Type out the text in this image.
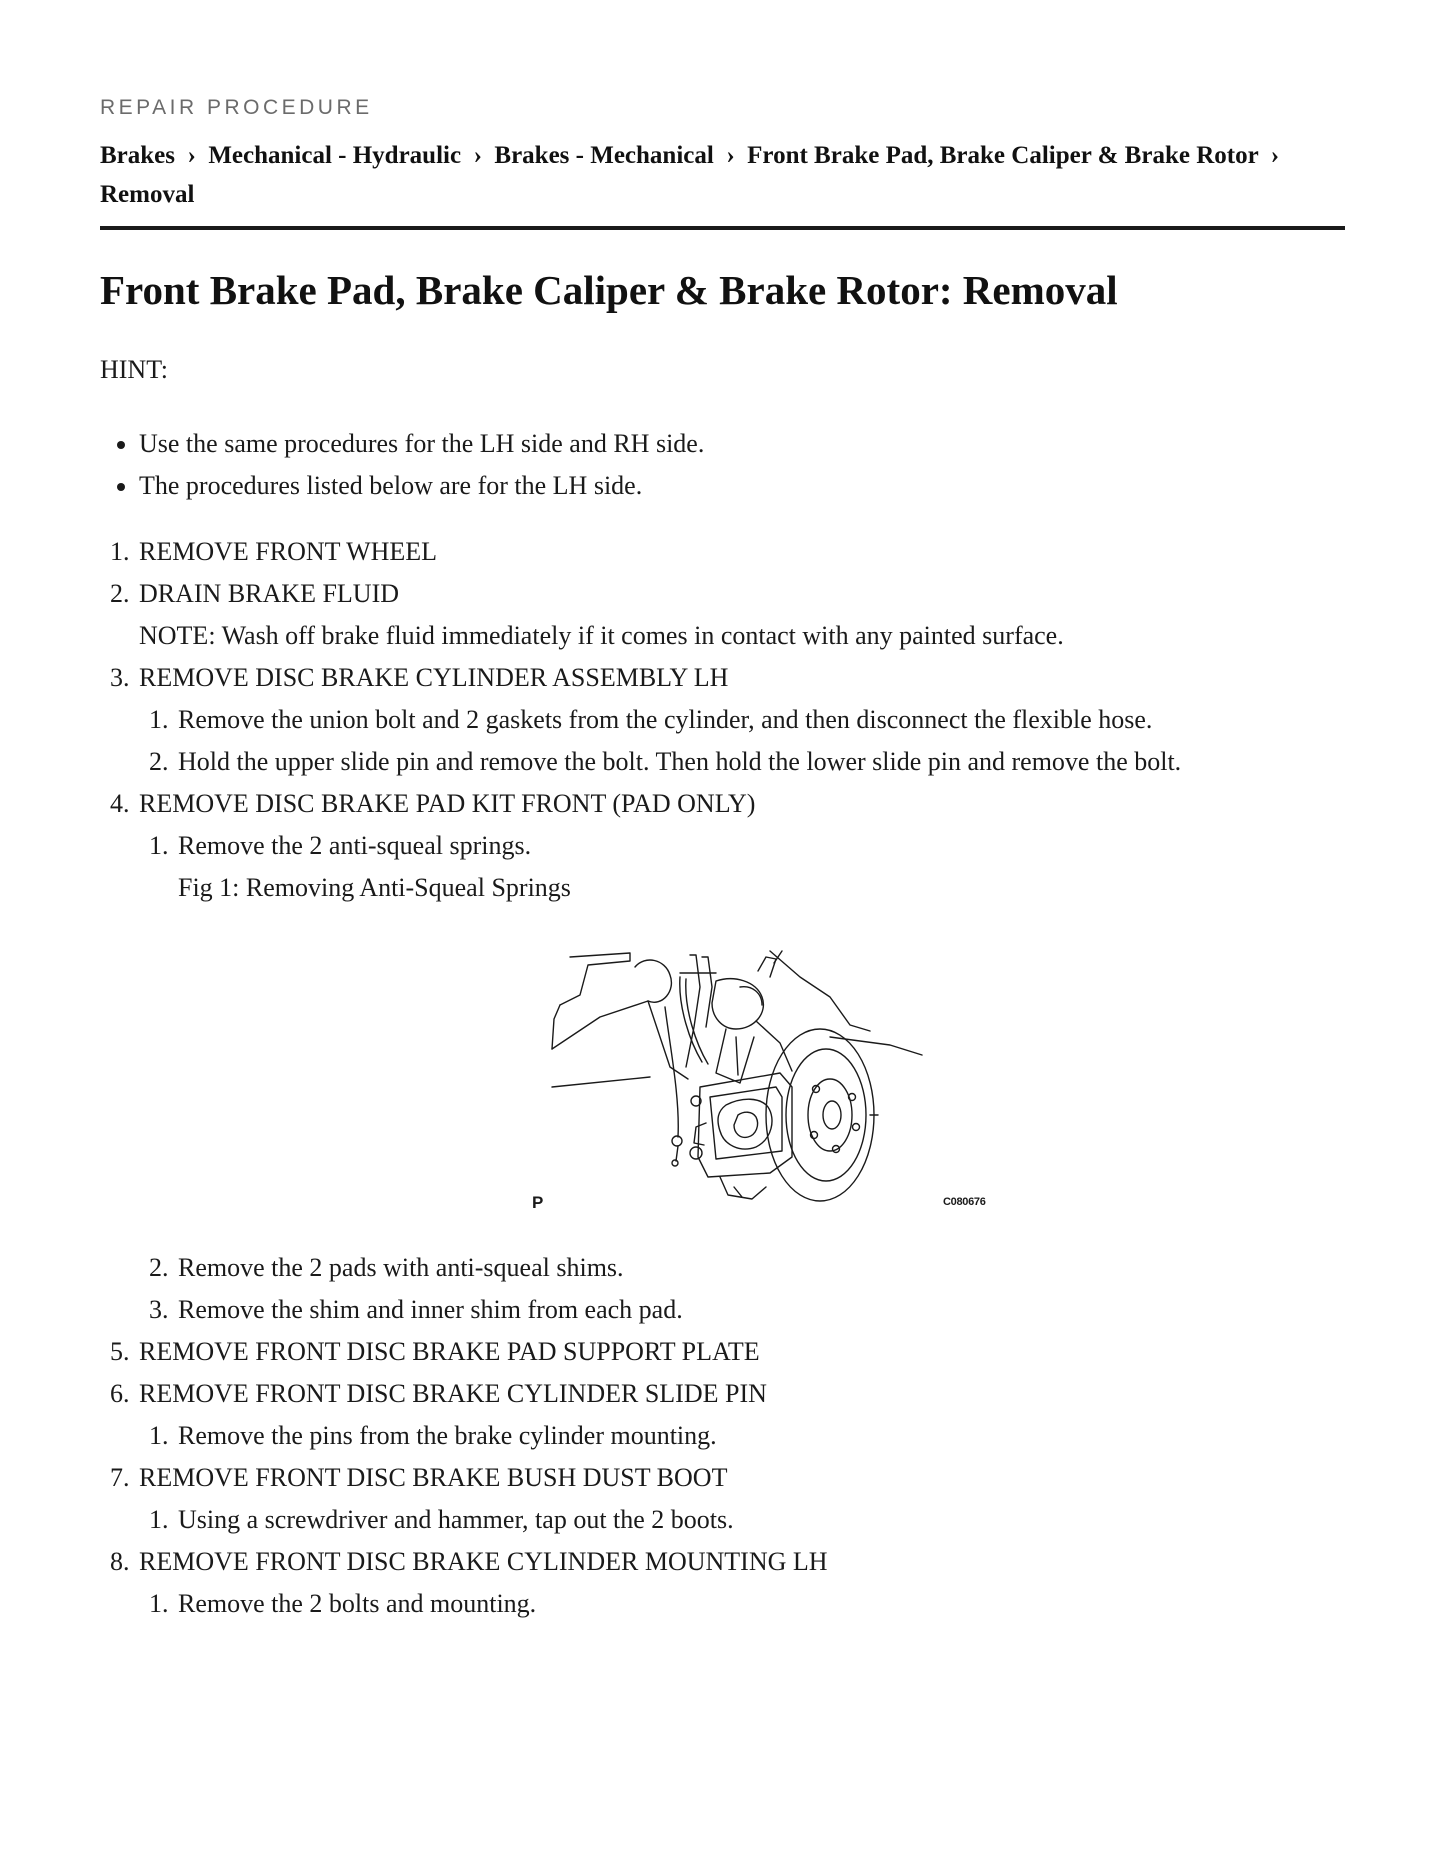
REPAIR PROCEDURE
Brakes  ›  Mechanical - Hydraulic  ›  Brakes - Mechanical  ›  Front Brake Pad, Brake Caliper & Brake Rotor  ›
Removal
Front Brake Pad, Brake Caliper & Brake Rotor: Removal
HINT:
• Use the same procedures for the LH side and RH side.
• The procedures listed below are for the LH side.
1. REMOVE FRONT WHEEL
2. DRAIN BRAKE FLUID
NOTE: Wash off brake fluid immediately if it comes in contact with any painted surface.
3. REMOVE DISC BRAKE CYLINDER ASSEMBLY LH
1. Remove the union bolt and 2 gaskets from the cylinder, and then disconnect the flexible hose.
2. Hold the upper slide pin and remove the bolt. Then hold the lower slide pin and remove the bolt.
4. REMOVE DISC BRAKE PAD KIT FRONT (PAD ONLY)
1. Remove the 2 anti-squeal springs.
Fig 1: Removing Anti-Squeal Springs
P	C080676
2. Remove the 2 pads with anti-squeal shims.
3. Remove the shim and inner shim from each pad.
5. REMOVE FRONT DISC BRAKE PAD SUPPORT PLATE
6. REMOVE FRONT DISC BRAKE CYLINDER SLIDE PIN
1. Remove the pins from the brake cylinder mounting.
7. REMOVE FRONT DISC BRAKE BUSH DUST BOOT
1. Using a screwdriver and hammer, tap out the 2 boots.
8. REMOVE FRONT DISC BRAKE CYLINDER MOUNTING LH
1. Remove the 2 bolts and mounting.
